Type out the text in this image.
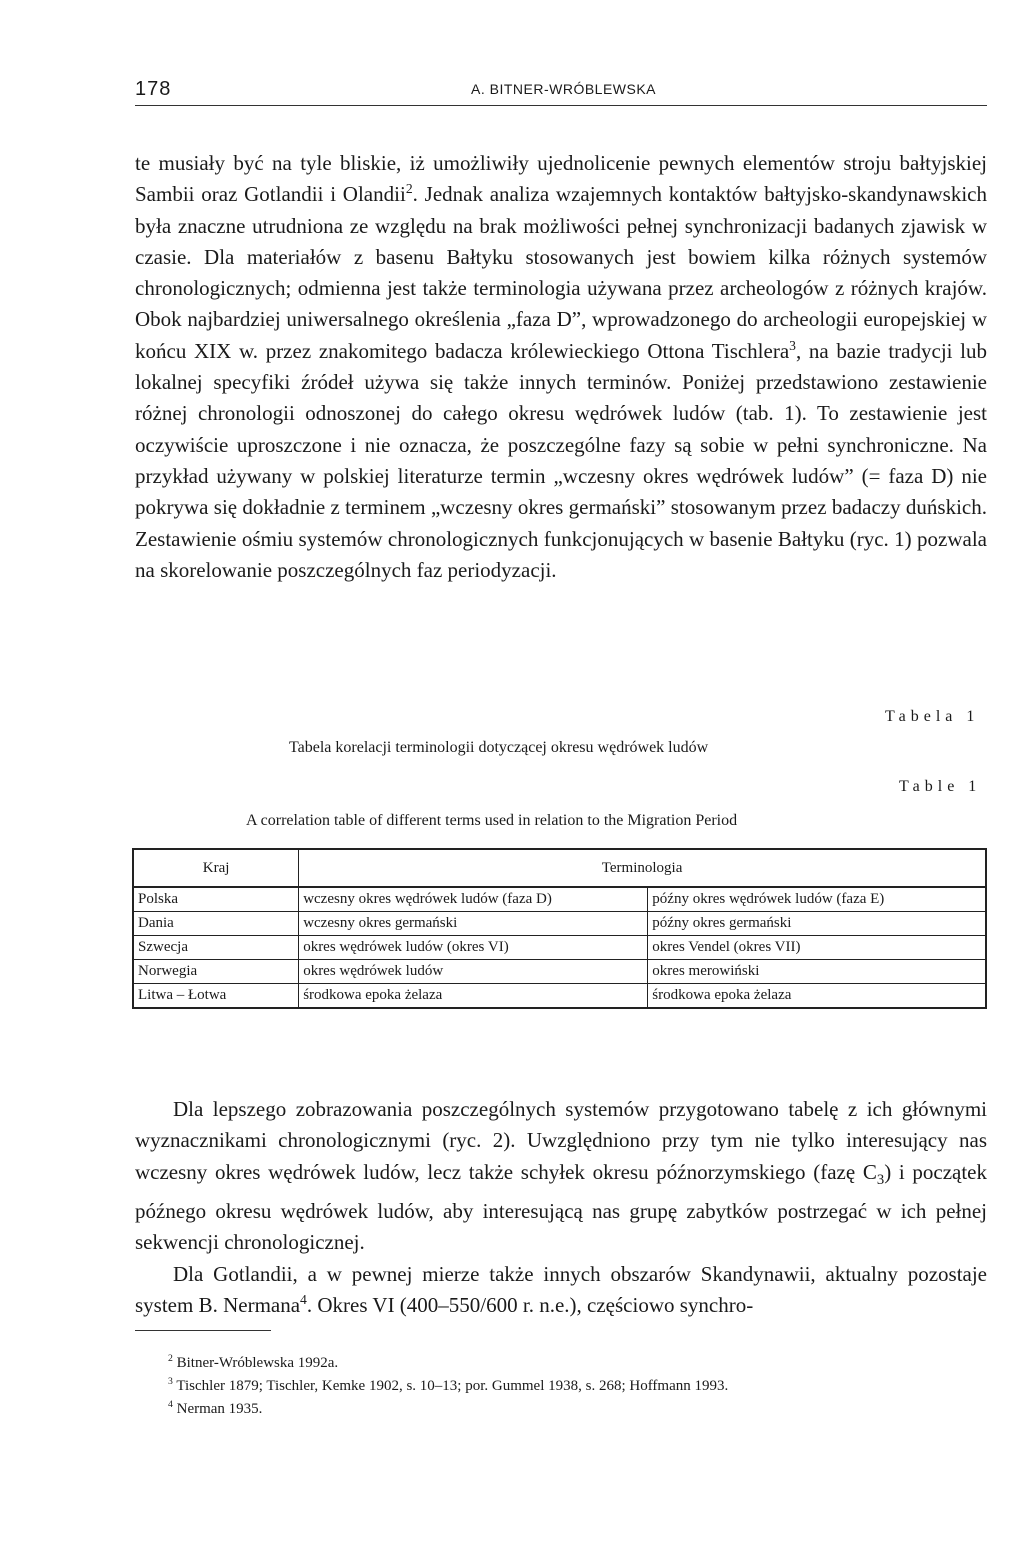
178	A. BITNER-WRÓBLEWSKA

te musiały być na tyle bliskie, iż umożliwiły ujednolicenie pewnych elementów stroju bałtyjskiej Sambii oraz Gotlandii i Olandii$^2$. Jednak analiza wzajemnych kontaktów bałtyjsko-skandynawskich była znaczne utrudniona ze względu na brak możliwości pełnej synchronizacji badanych zjawisk w czasie. Dla materiałów z basenu Bałtyku stosowanych jest bowiem kilka różnych systemów chronologicznych; odmienna jest także terminologia używana przez archeologów z różnych krajów. Obok najbardziej uniwersalnego określenia „faza D”, wprowadzonego do archeologii europejskiej w końcu XIX w. przez znakomitego badacza królewieckiego Ottona Tischlera$^3$, na bazie tradycji lub lokalnej specyfiki źródeł używa się także innych terminów. Poniżej przedstawiono zestawienie różnej chronologii odnoszonej do całego okresu wędrówek ludów (tab. 1). To zestawienie jest oczywiście uproszczone i nie oznacza, że poszczególne fazy są sobie w pełni synchroniczne. Na przykład używany w polskiej literaturze termin „wczesny okres wędrówek ludów” (= faza D) nie pokrywa się dokładnie z terminem „wczesny okres germański” stosowanym przez badaczy duńskich. Zestawienie ośmiu systemów chronologicznych funkcjonujących w basenie Bałtyku (ryc. 1) pozwala na skorelowanie poszczególnych faz periodyzacji.

Tabela 1
Tabela korelacji terminologii dotyczącej okresu wędrówek ludów
Table 1
A correlation table of different terms used in relation to the Migration Period
Kraj	Terminologia	
Polska	wczesny okres wędrówek ludów (faza D)	późny okres wędrówek ludów (faza E)
Dania	wczesny okres germański	późny okres germański
Szwecja	okres wędrówek ludów (okres VI)	okres Vendel (okres VII)
Norwegia	okres wędrówek ludów	okres merowiński
Litwa – Łotwa	środkowa epoka żelaza	środkowa epoka żelaza

Dla lepszego zobrazowania poszczególnych systemów przygotowano tabelę z ich głównymi wyznacznikami chronologicznymi (ryc. 2). Uwzględniono przy tym nie tylko interesujący nas wczesny okres wędrówek ludów, lecz także schyłek okresu późnorzymskiego (fazę $C_3$) i początek późnego okresu wędrówek ludów, aby interesującą nas grupę zabytków postrzegać w ich pełnej sekwencji chronologicznej.

Dla Gotlandii, a w pewnej mierze także innych obszarów Skandynawii, aktualny pozostaje system B. Nermana$^4$. Okres VI (400–550/600 r. n.e.), częściowo synchro-

$^2$ Bitner-Wróblewska 1992a.
$^3$ Tischler 1879; Tischler, Kemke 1902, s. 10–13; por. Gummel 1938, s. 268; Hoffmann 1993.
$^4$ Nerman 1935.
